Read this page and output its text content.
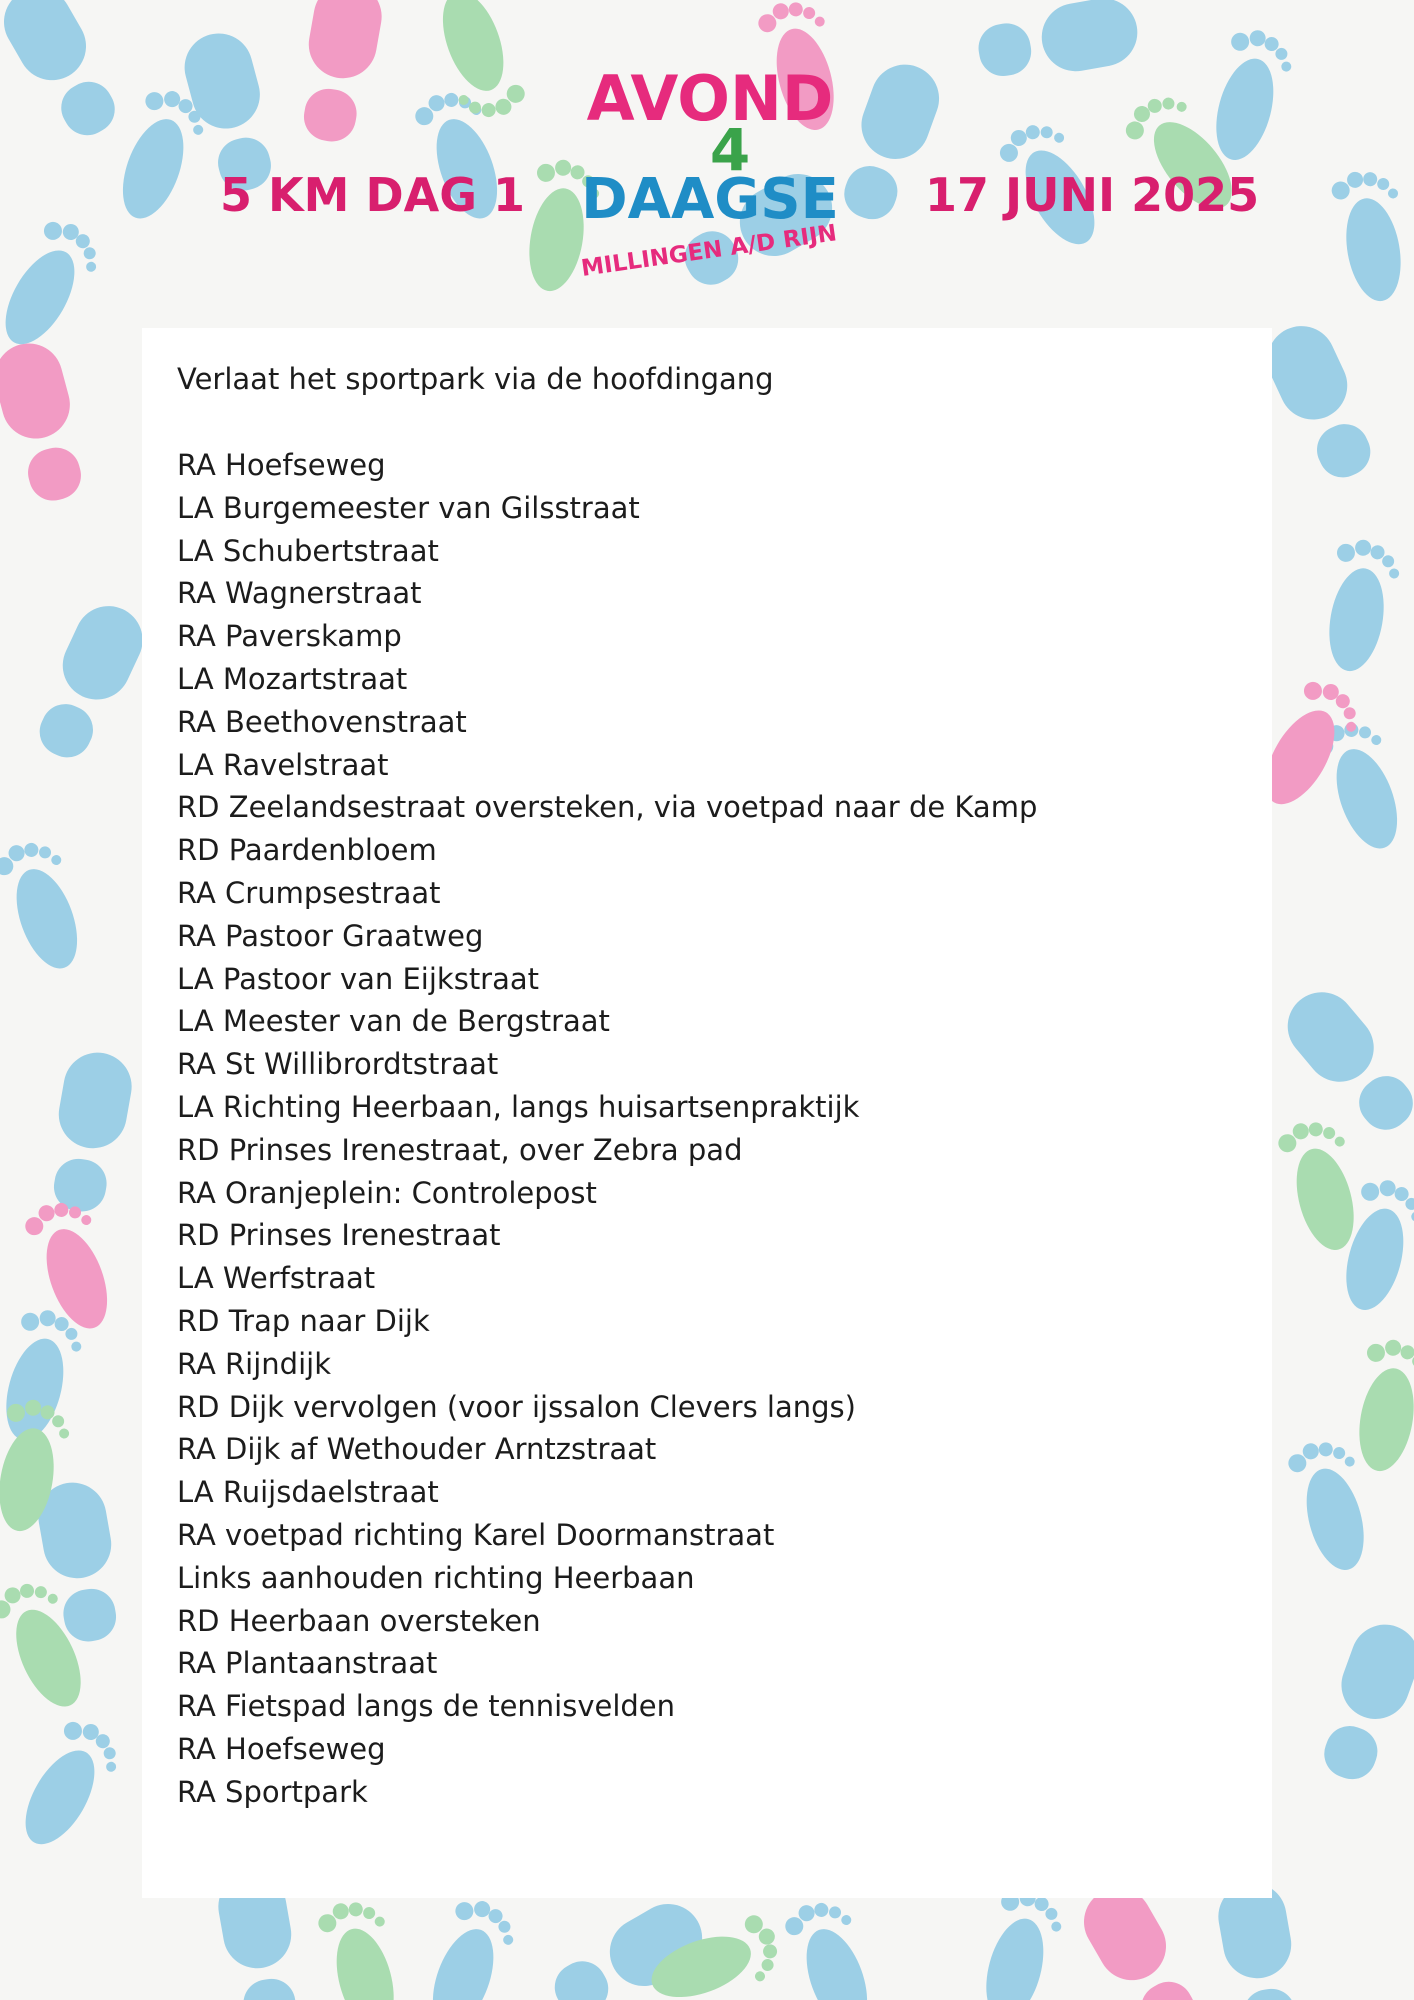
5 KM DAG 1	17 JUNI 2025
AVOND
4
DAAGSE
MILLINGEN A/D RIJN
Verlaat het sportpark via de hoofdingang
RA Hoefseweg
LA Burgemeester van Gilsstraat
LA Schubertstraat
RA Wagnerstraat
RA Paverskamp
LA Mozartstraat
RA Beethovenstraat
LA Ravelstraat
RD Zeelandsestraat oversteken, via voetpad naar de Kamp
RD Paardenbloem
RA Crumpsestraat
RA Pastoor Graatweg
LA Pastoor van Eijkstraat
LA Meester van de Bergstraat
RA St Willibrordtstraat
LA Richting Heerbaan, langs huisartsenpraktijk
RD Prinses Irenestraat, over Zebra pad
RA Oranjeplein: Controlepost
RD Prinses Irenestraat
LA Werfstraat
RD Trap naar Dijk
RA Rijndijk
RD Dijk vervolgen (voor ijssalon Clevers langs)
RA Dijk af Wethouder Arntzstraat
LA Ruijsdaelstraat
RA voetpad richting Karel Doormanstraat
Links aanhouden richting Heerbaan
RD Heerbaan oversteken
RA Plantaanstraat
RA Fietspad langs de tennisvelden
RA Hoefseweg
RA Sportpark
